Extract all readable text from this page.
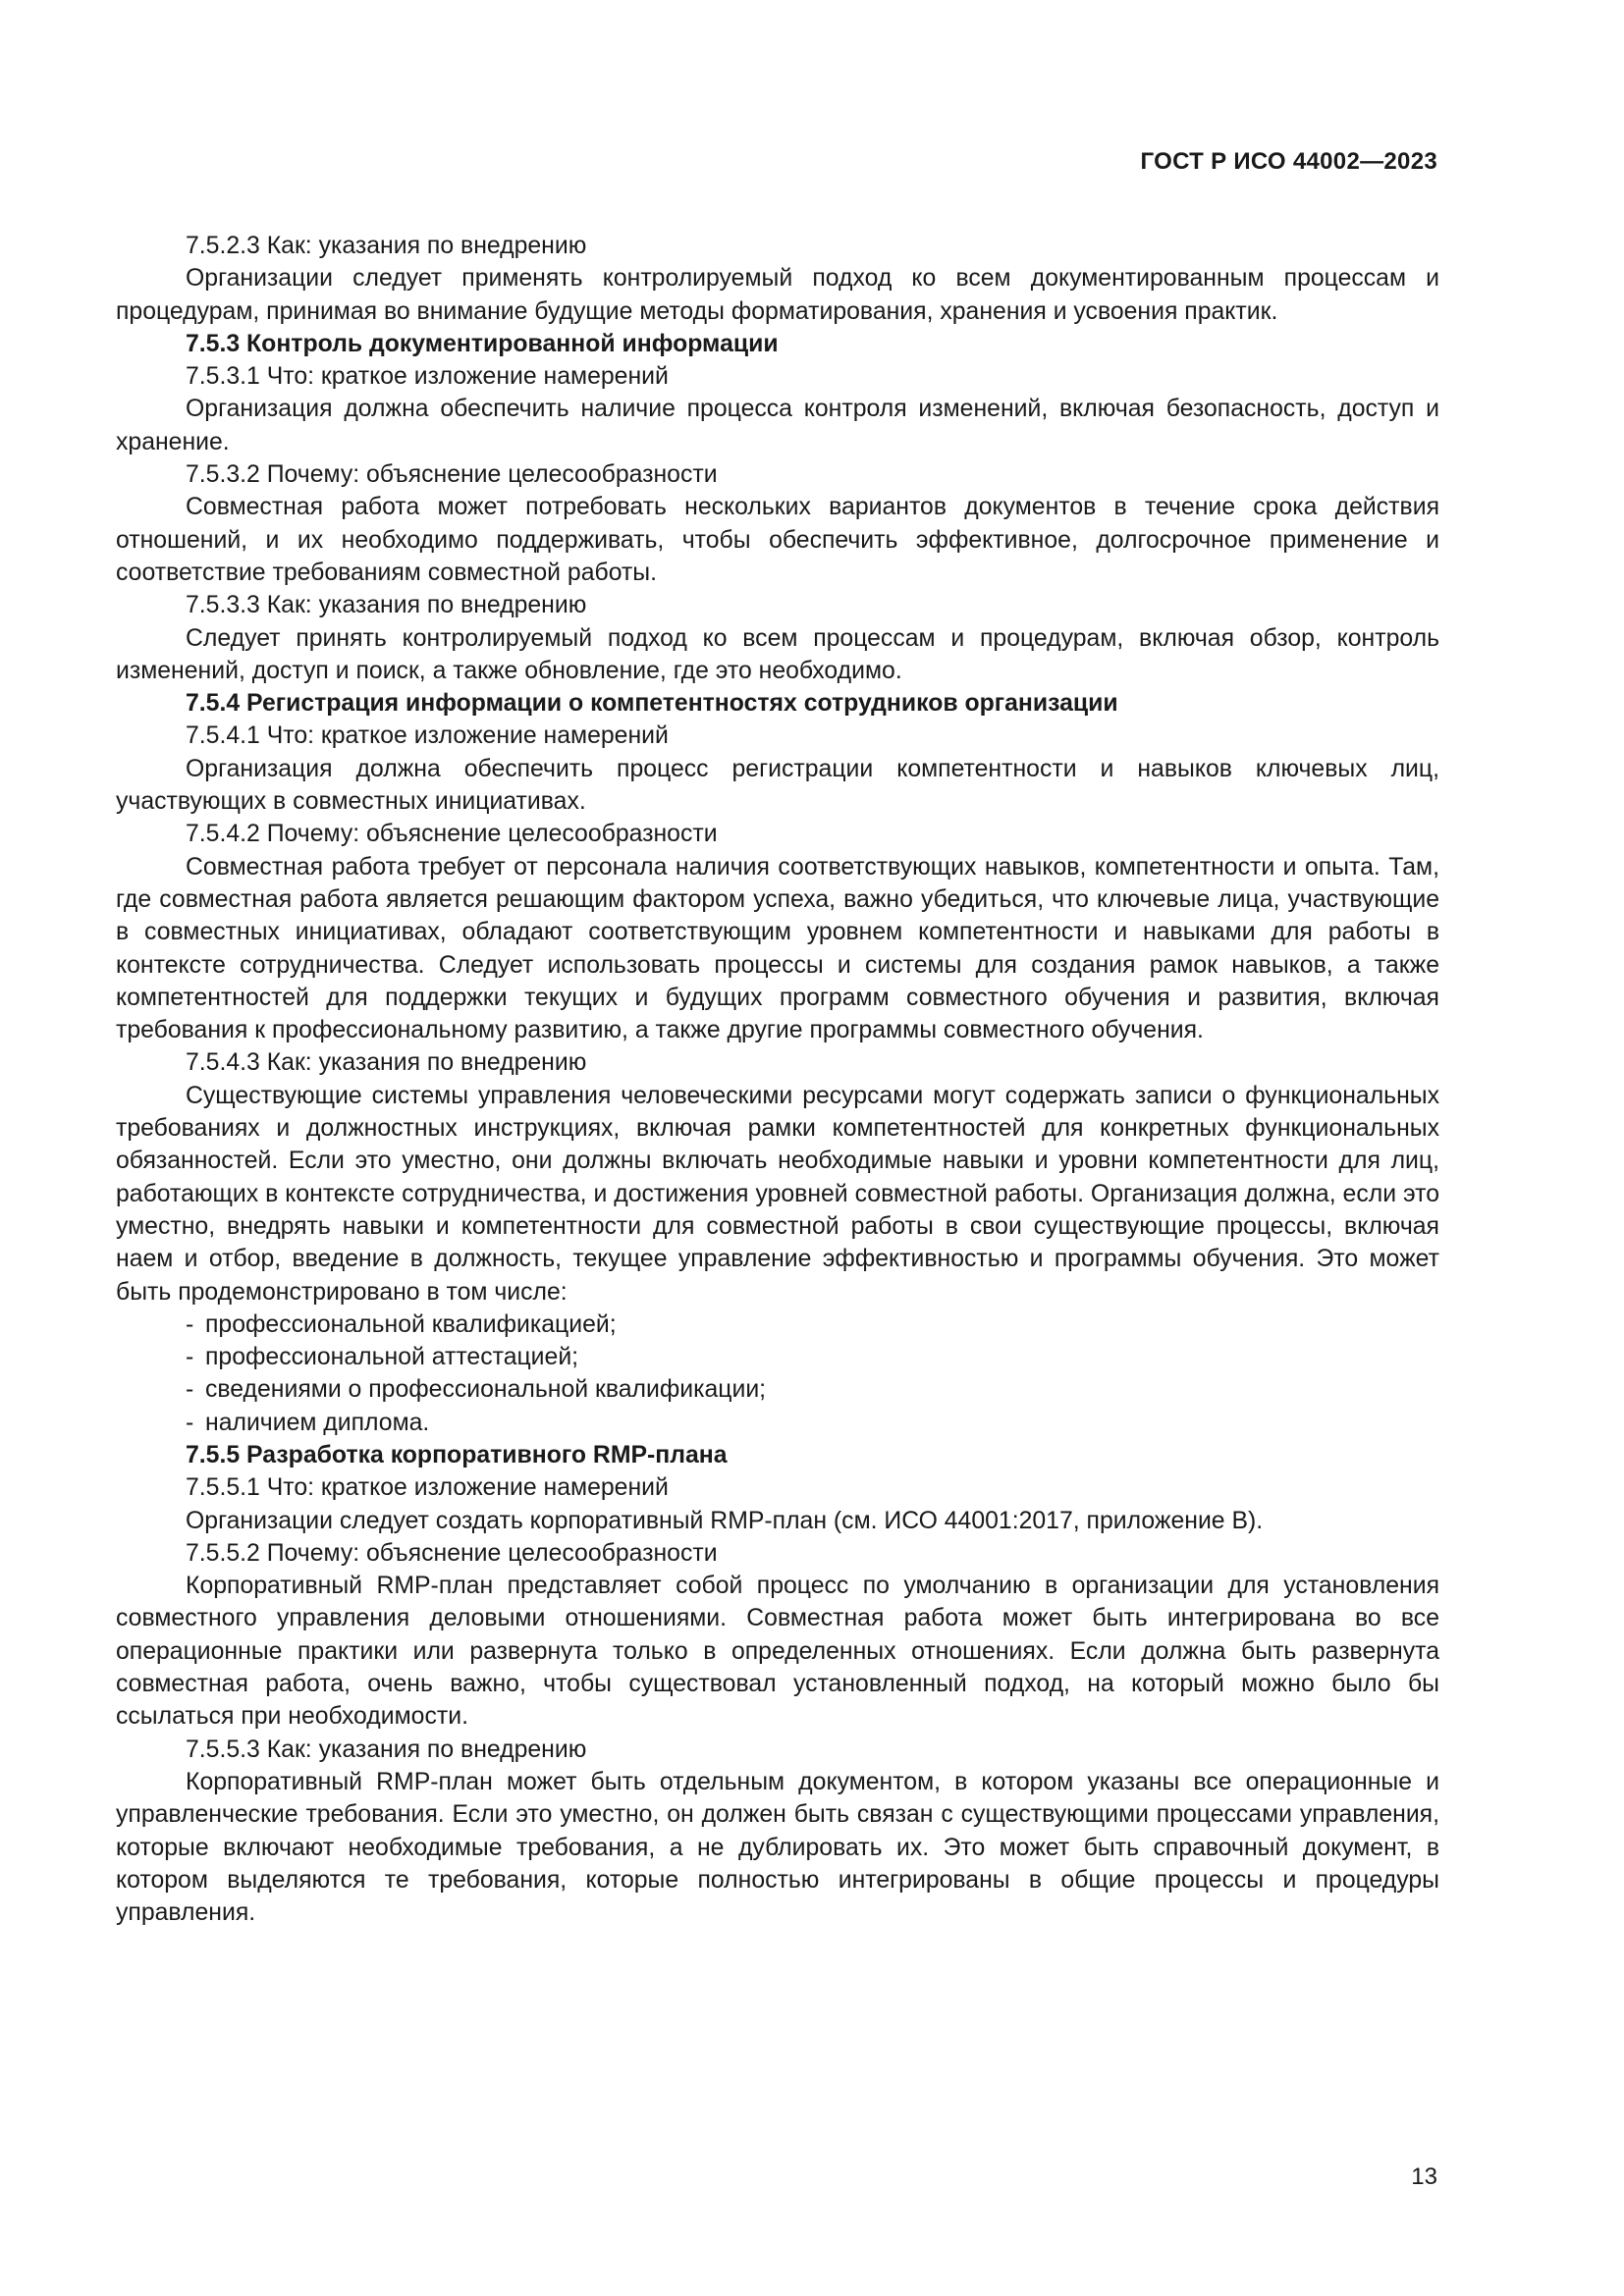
ГОСТ Р ИСО 44002—2023

7.5.2.3 Как: указания по внедрению

Организации следует применять контролируемый подход ко всем документированным процессам и процедурам, принимая во внимание будущие методы форматирования, хранения и усвоения практик.

7.5.3 Контроль документированной информации

7.5.3.1 Что: краткое изложение намерений

Организация должна обеспечить наличие процесса контроля изменений, включая безопасность, доступ и хранение.

7.5.3.2 Почему: объяснение целесообразности

Совместная работа может потребовать нескольких вариантов документов в течение срока действия отношений, и их необходимо поддерживать, чтобы обеспечить эффективное, долгосрочное применение и соответствие требованиям совместной работы.

7.5.3.3 Как: указания по внедрению

Следует принять контролируемый подход ко всем процессам и процедурам, включая обзор, контроль изменений, доступ и поиск, а также обновление, где это необходимо.

7.5.4 Регистрация информации о компетентностях сотрудников организации

7.5.4.1 Что: краткое изложение намерений

Организация должна обеспечить процесс регистрации компетентности и навыков ключевых лиц, участвующих в совместных инициативах.

7.5.4.2 Почему: объяснение целесообразности

Совместная работа требует от персонала наличия соответствующих навыков, компетентности и опыта. Там, где совместная работа является решающим фактором успеха, важно убедиться, что ключевые лица, участвующие в совместных инициативах, обладают соответствующим уровнем компетентности и навыками для работы в контексте сотрудничества. Следует использовать процессы и системы для создания рамок навыков, а также компетентностей для поддержки текущих и будущих программ совместного обучения и развития, включая требования к профессиональному развитию, а также другие программы совместного обучения.

7.5.4.3 Как: указания по внедрению

Существующие системы управления человеческими ресурсами могут содержать записи о функциональных требованиях и должностных инструкциях, включая рамки компетентностей для конкретных функциональных обязанностей. Если это уместно, они должны включать необходимые навыки и уровни компетентности для лиц, работающих в контексте сотрудничества, и достижения уровней совместной работы. Организация должна, если это уместно, внедрять навыки и компетентности для совместной работы в свои существующие процессы, включая наем и отбор, введение в должность, текущее управление эффективностью и программы обучения. Это может быть продемонстрировано в том числе:

- профессиональной квалификацией;
- профессиональной аттестацией;
- сведениями о профессиональной квалификации;
- наличием диплома.

7.5.5 Разработка корпоративного RMP-плана

7.5.5.1 Что: краткое изложение намерений

Организации следует создать корпоративный RMP-план (см. ИСО 44001:2017, приложение В).

7.5.5.2 Почему: объяснение целесообразности

Корпоративный RMP-план представляет собой процесс по умолчанию в организации для установления совместного управления деловыми отношениями. Совместная работа может быть интегрирована во все операционные практики или развернута только в определенных отношениях. Если должна быть развернута совместная работа, очень важно, чтобы существовал установленный подход, на который можно было бы ссылаться при необходимости.

7.5.5.3 Как: указания по внедрению

Корпоративный RMP-план может быть отдельным документом, в котором указаны все операционные и управленческие требования. Если это уместно, он должен быть связан с существующими процессами управления, которые включают необходимые требования, а не дублировать их. Это может быть справочный документ, в котором выделяются те требования, которые полностью интегрированы в общие процессы и процедуры управления.

13
